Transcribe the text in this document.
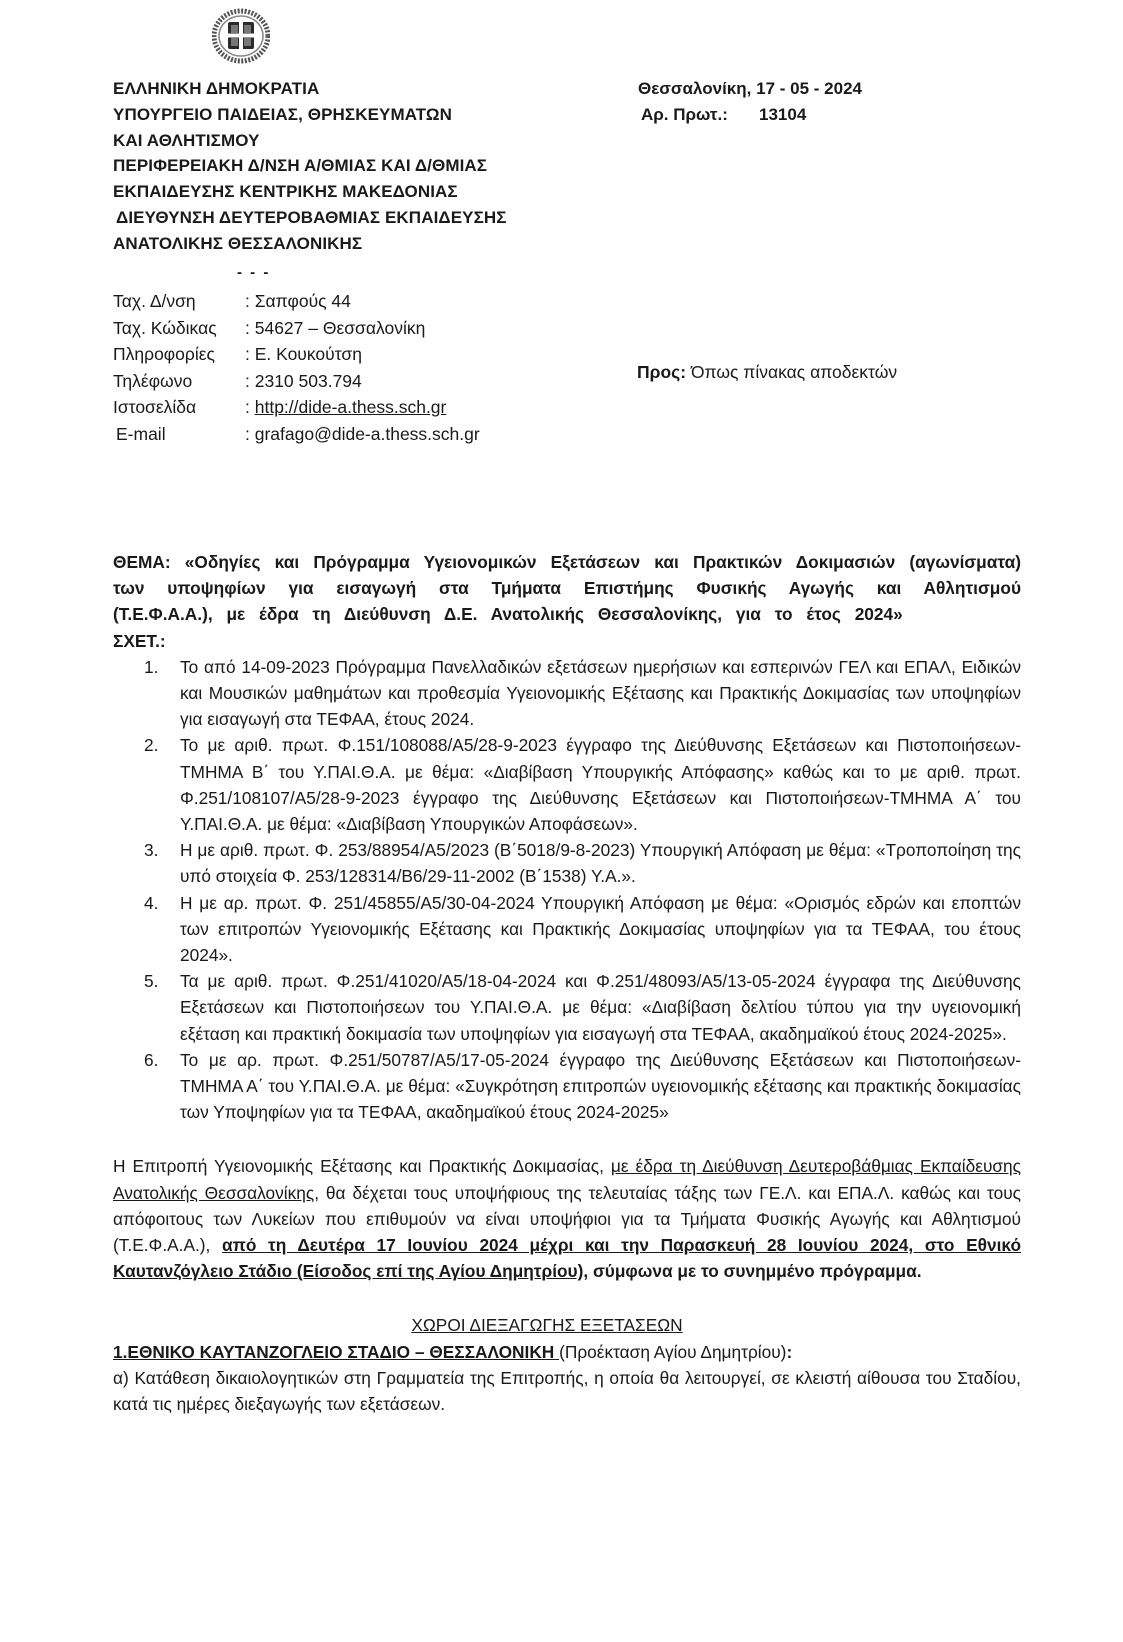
ΕΛΛΗΝΙΚΗ ΔΗΜΟΚΡΑΤΙΑ
ΥΠΟΥΡΓΕΙΟ ΠΑΙΔΕΙΑΣ, ΘΡΗΣΚΕΥΜΑΤΩΝ
ΚΑΙ ΑΘΛΗΤΙΣΜΟΥ
ΠΕΡΙΦΕΡΕΙΑΚΗ Δ/ΝΣΗ Α/ΘΜΙΑΣ ΚΑΙ Δ/ΘΜΙΑΣ
ΕΚΠΑΙΔΕΥΣΗΣ ΚΕΝΤΡΙΚΗΣ ΜΑΚΕΔΟΝΙΑΣ
ΔΙΕΥΘΥΝΣΗ ΔΕΥΤΕΡΟΒΑΘΜΙΑΣ ΕΚΠΑΙΔΕΥΣΗΣ
ΑΝΑΤΟΛΙΚΗΣ ΘΕΣΣΑΛΟΝΙΚΗΣ
- - -
Θεσσαλονίκη, 17 - 05 - 2024
Αρ. Πρωτ.: 13104
Ταχ. Δ/νση	: Σαπφούς 44
Ταχ. Κώδικας	: 54627 – Θεσσαλονίκη
Πληροφορίες	: Ε. Κουκούτση
Τηλέφωνο	: 2310 503.794
Ιστοσελίδα	: http://dide-a.thess.sch.gr
E-mail	: grafago@dide-a.thess.sch.gr
Προς: Όπως πίνακας αποδεκτών
ΘΕΜΑ: «Οδηγίες και Πρόγραμμα Υγειονομικών Εξετάσεων και Πρακτικών Δοκιμασιών (αγωνίσματα) των υποψηφίων για εισαγωγή στα Τμήματα Επιστήμης Φυσικής Αγωγής και Αθλητισμού (Τ.Ε.Φ.Α.Α.), με έδρα τη Διεύθυνση Δ.Ε. Ανατολικής Θεσσαλονίκης, για το έτος 2024»
ΣΧΕΤ.:
1.	Το από 14-09-2023 Πρόγραμμα Πανελλαδικών εξετάσεων ημερήσιων και εσπερινών ΓΕΛ και ΕΠΑΛ, Ειδικών και Μουσικών μαθημάτων και προθεσμία Υγειονομικής Εξέτασης και Πρακτικής Δοκιμασίας των υποψηφίων για εισαγωγή στα ΤΕΦΑΑ, έτους 2024.
2.	Το με αριθ. πρωτ. Φ.151/108088/Α5/28-9-2023 έγγραφο της Διεύθυνσης Εξετάσεων και Πιστοποιήσεων-ΤΜΗΜΑ Β΄ του Υ.ΠΑΙ.Θ.Α. με θέμα: «Διαβίβαση Υπουργικής Απόφασης» καθώς και το με αριθ. πρωτ. Φ.251/108107/Α5/28-9-2023 έγγραφο της Διεύθυνσης Εξετάσεων και Πιστοποιήσεων-ΤΜΗΜΑ Α΄ του Υ.ΠΑΙ.Θ.Α. με θέμα: «Διαβίβαση Υπουργικών Αποφάσεων».
3.	Η με αριθ. πρωτ. Φ. 253/88954/Α5/2023 (Β΄5018/9-8-2023) Υπουργική Απόφαση με θέμα: «Τροποποίηση της υπό στοιχεία Φ. 253/128314/Β6/29-11-2002 (Β΄1538) Υ.Α.».
4.	Η με αρ. πρωτ. Φ. 251/45855/Α5/30-04-2024 Υπουργική Απόφαση με θέμα: «Ορισμός εδρών και εποπτών των επιτροπών Υγειονομικής Εξέτασης και Πρακτικής Δοκιμασίας υποψηφίων για τα ΤΕΦΑΑ, του έτους 2024».
5.	Τα με αριθ. πρωτ. Φ.251/41020/Α5/18-04-2024 και Φ.251/48093/Α5/13-05-2024 έγγραφα της Διεύθυνσης Εξετάσεων και Πιστοποιήσεων του Υ.ΠΑΙ.Θ.Α. με θέμα: «Διαβίβαση δελτίου τύπου για την υγειονομική εξέταση και πρακτική δοκιμασία των υποψηφίων για εισαγωγή στα ΤΕΦΑΑ, ακαδημαϊκού έτους 2024-2025».
6.	Το με αρ. πρωτ. Φ.251/50787/Α5/17-05-2024 έγγραφο της Διεύθυνσης Εξετάσεων και Πιστοποιήσεων-ΤΜΗΜΑ Α΄ του Υ.ΠΑΙ.Θ.Α. με θέμα: «Συγκρότηση επιτροπών υγειονομικής εξέτασης και πρακτικής δοκιμασίας των Υποψηφίων για τα ΤΕΦΑΑ, ακαδημαϊκού έτους 2024-2025»
Η Επιτροπή Υγειονομικής Εξέτασης και Πρακτικής Δοκιμασίας, με έδρα τη Διεύθυνση Δευτεροβάθμιας Εκπαίδευσης Ανατολικής Θεσσαλονίκης, θα δέχεται τους υποψήφιους της τελευταίας τάξης των ΓΕ.Λ. και ΕΠΑ.Λ. καθώς και τους απόφοιτους των Λυκείων που επιθυμούν να είναι υποψήφιοι για τα Τμήματα Φυσικής Αγωγής και Αθλητισμού (Τ.Ε.Φ.Α.Α.), από τη Δευτέρα 17 Ιουνίου 2024 μέχρι και την Παρασκευή 28 Ιουνίου 2024, στο Εθνικό Καυτανζόγλειο Στάδιο (Είσοδος επί της Αγίου Δημητρίου), σύμφωνα με το συνημμένο πρόγραμμα.
ΧΩΡΟΙ ΔΙΕΞΑΓΩΓΗΣ ΕΞΕΤΑΣΕΩΝ
1.ΕΘΝΙΚΟ ΚΑΥΤΑΝΖΟΓΛΕΙΟ ΣΤΑΔΙΟ – ΘΕΣΣΑΛΟΝΙΚΗ (Προέκταση Αγίου Δημητρίου):
α) Κατάθεση δικαιολογητικών στη Γραμματεία της Επιτροπής, η οποία θα λειτουργεί, σε κλειστή αίθουσα του Σταδίου, κατά τις ημέρες διεξαγωγής των εξετάσεων.
